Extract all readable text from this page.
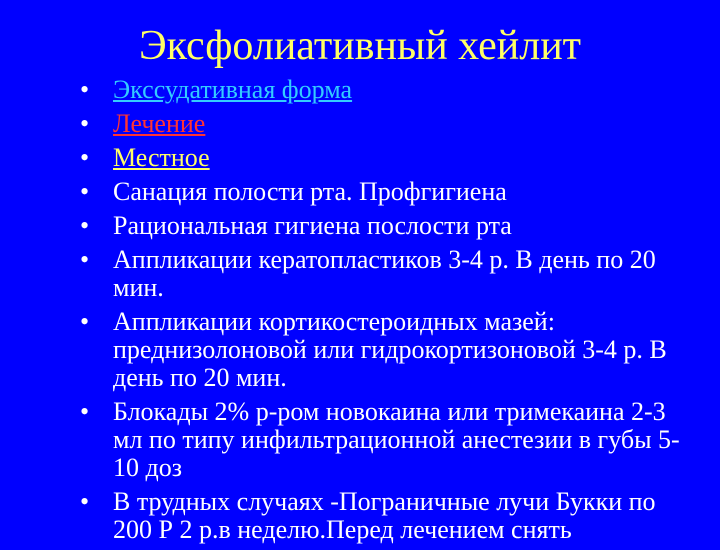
Эксфолиативный хейлит
• Экссудативная форма
• Лечение
• Местное
• Санация полости рта. Профгигиена
• Рациональная гигиена послости рта
• Аппликации кератопластиков 3-4 р. В день по 20 мин.
• Аппликации кортикостероидных мазей: преднизолоновой или гидрокортизоновой 3-4 р. В день по 20 мин.
• Блокады 2% р-ром новокаина или тримекаина 2-3 мл по типу инфильтрационной анестезии в губы 5-10 доз
• В трудных случаях -Пограничные лучи Букки по 200 Р 2 р.в неделю.Перед лечением снять
